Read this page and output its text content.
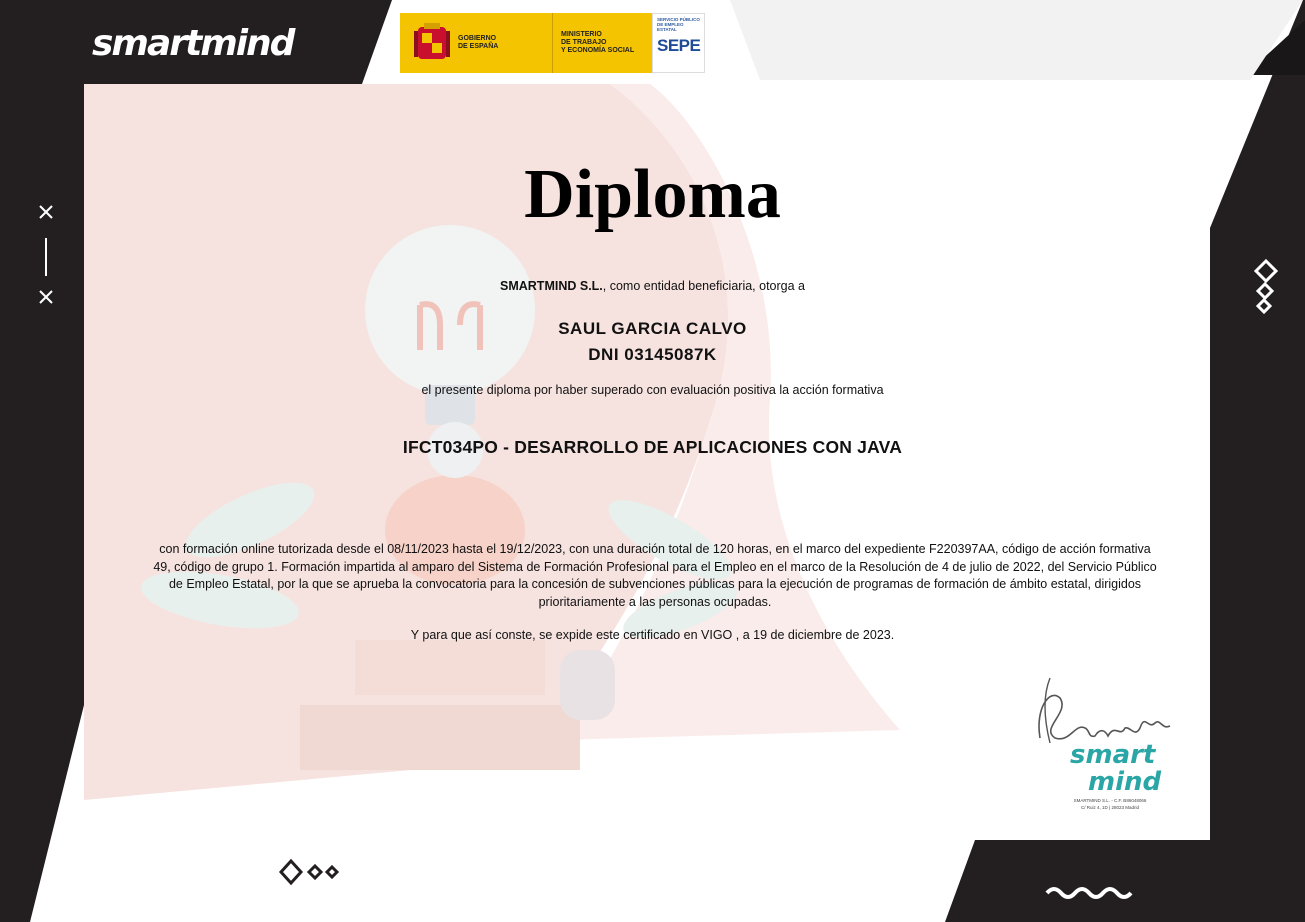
smartmind	GOBIERNO
DE ESPAÑA
MINISTERIO
DE TRABAJO
Y ECONOMÍA SOCIAL
SERVICIO PÚBLICO DE EMPLEO ESTATAL
SEPE
Diploma
SMARTMIND S.L., como entidad beneficiaria, otorga a
SAUL GARCIA CALVO
DNI 03145087K
el presente diploma por haber superado con evaluación positiva la acción formativa
IFCT034PO - DESARROLLO DE APLICACIONES CON JAVA
con formación online tutorizada desde el 08/11/2023 hasta el 19/12/2023, con una duración total de 120 horas, en el marco del expediente F220397AA, código de acción formativa 49, código de grupo 1. Formación impartida al amparo del Sistema de Formación Profesional para el Empleo en el marco de la Resolución de 4 de julio de 2022, del Servicio Público de Empleo Estatal, por la que se aprueba la convocatoria para la concesión de subvenciones públicas para la ejecución de programas de formación de ámbito estatal, dirigidos prioritariamente a las personas ocupadas.
Y para que así conste, se expide este certificado en VIGO , a 19 de diciembre de 2023.
smart
mind
SMARTMIND S.L. - C.F. B86048066
C/ Ruiz 4, 1D | 28023 Madrid
